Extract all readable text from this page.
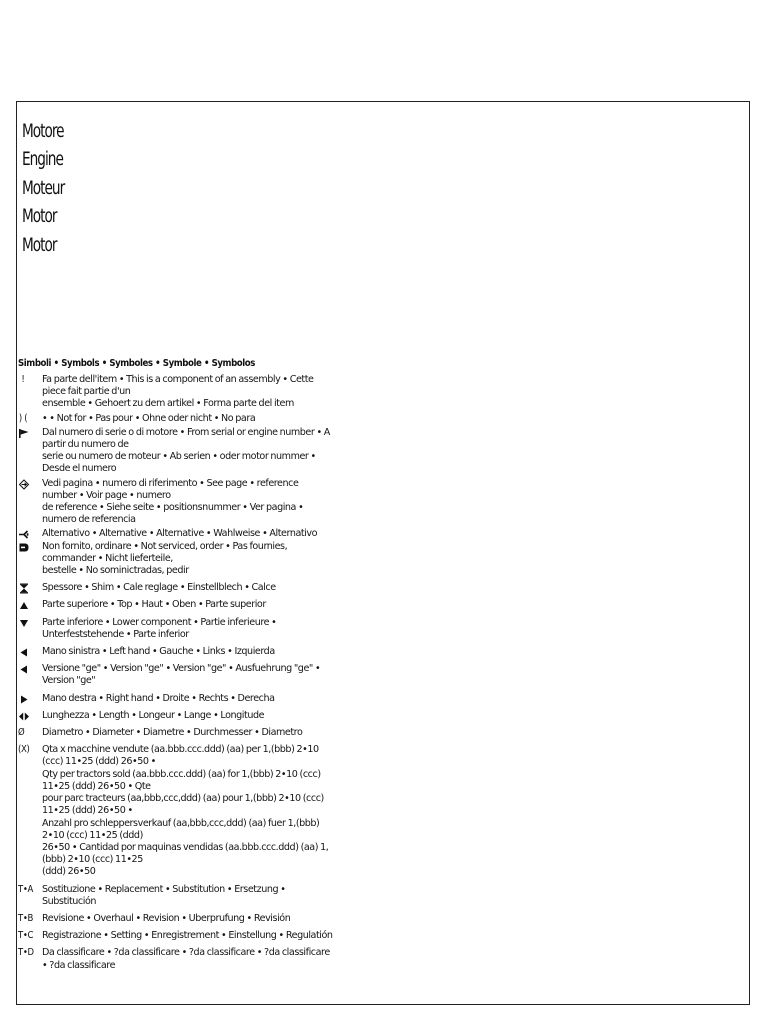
Motore
Engine
Moteur
Motor
Motor
Simboli • Symbols • Symboles • Symbole • Symbolos
!	Fa parte dell'item • This is a component of an assembly • Cette piece fait partie d'un
ensemble • Gehoert zu dem artikel • Forma parte del item
) (	• • Not for • Pas pour • Ohne oder nicht • No para
Dal numero di serie o di motore • From serial or engine number • A partir du numero de
serie ou numero de moteur • Ab serien • oder motor nummer • Desde el numero
Vedi pagina • numero di riferimento • See page • reference number • Voir page • numero
de reference • Siehe seite • positionsnummer • Ver pagina • numero de referencia
Alternativo • Alternative • Alternative • Wahlweise • Alternativo
Non fornito, ordinare • Not serviced, order • Pas fournies, commander • Nicht lieferteile,
bestelle • No sominictradas, pedir
Spessore • Shim • Cale reglage • Einstellblech • Calce
Parte superiore • Top • Haut • Oben • Parte superior
Parte inferiore • Lower component • Partie inferieure • Unterfeststehende • Parte inferior
Mano sinistra • Left hand • Gauche • Links • Izquierda
Versione "ge" • Version "ge" • Version "ge" • Ausfuehrung "ge" • Version "ge"
Mano destra • Right hand • Droite • Rechts • Derecha
Lunghezza • Length • Longeur • Lange • Longitude
Ø	Diametro • Diameter • Diametre • Durchmesser • Diametro
(X)	Qta x macchine vendute (aa.bbb.ccc.ddd) (aa) per 1,(bbb) 2•10 (ccc) 11•25 (ddd) 26•50 •
Qty per tractors sold (aa.bbb.ccc.ddd) (aa) for 1,(bbb) 2•10 (ccc) 11•25 (ddd) 26•50 • Qte
pour parc tracteurs (aa,bbb,ccc,ddd) (aa) pour 1,(bbb) 2•10 (ccc) 11•25 (ddd) 26•50 •
Anzahl pro schleppersverkauf (aa,bbb,ccc,ddd) (aa) fuer 1,(bbb) 2•10 (ccc) 11•25 (ddd)
26•50 • Cantidad por maquinas vendidas (aa.bbb.ccc.ddd) (aa) 1,(bbb) 2•10 (ccc) 11•25
(ddd) 26•50
T•A Sostituzione • Replacement • Substitution • Ersetzung • Substitución
T•B Revisione • Overhaul • Revision • Uberprufung • Revisión
T•C Registrazione • Setting • Enregistrement • Einstellung • Regulatión
T•D Da classificare • ?da classificare • ?da classificare • ?da classificare • ?da classificare
